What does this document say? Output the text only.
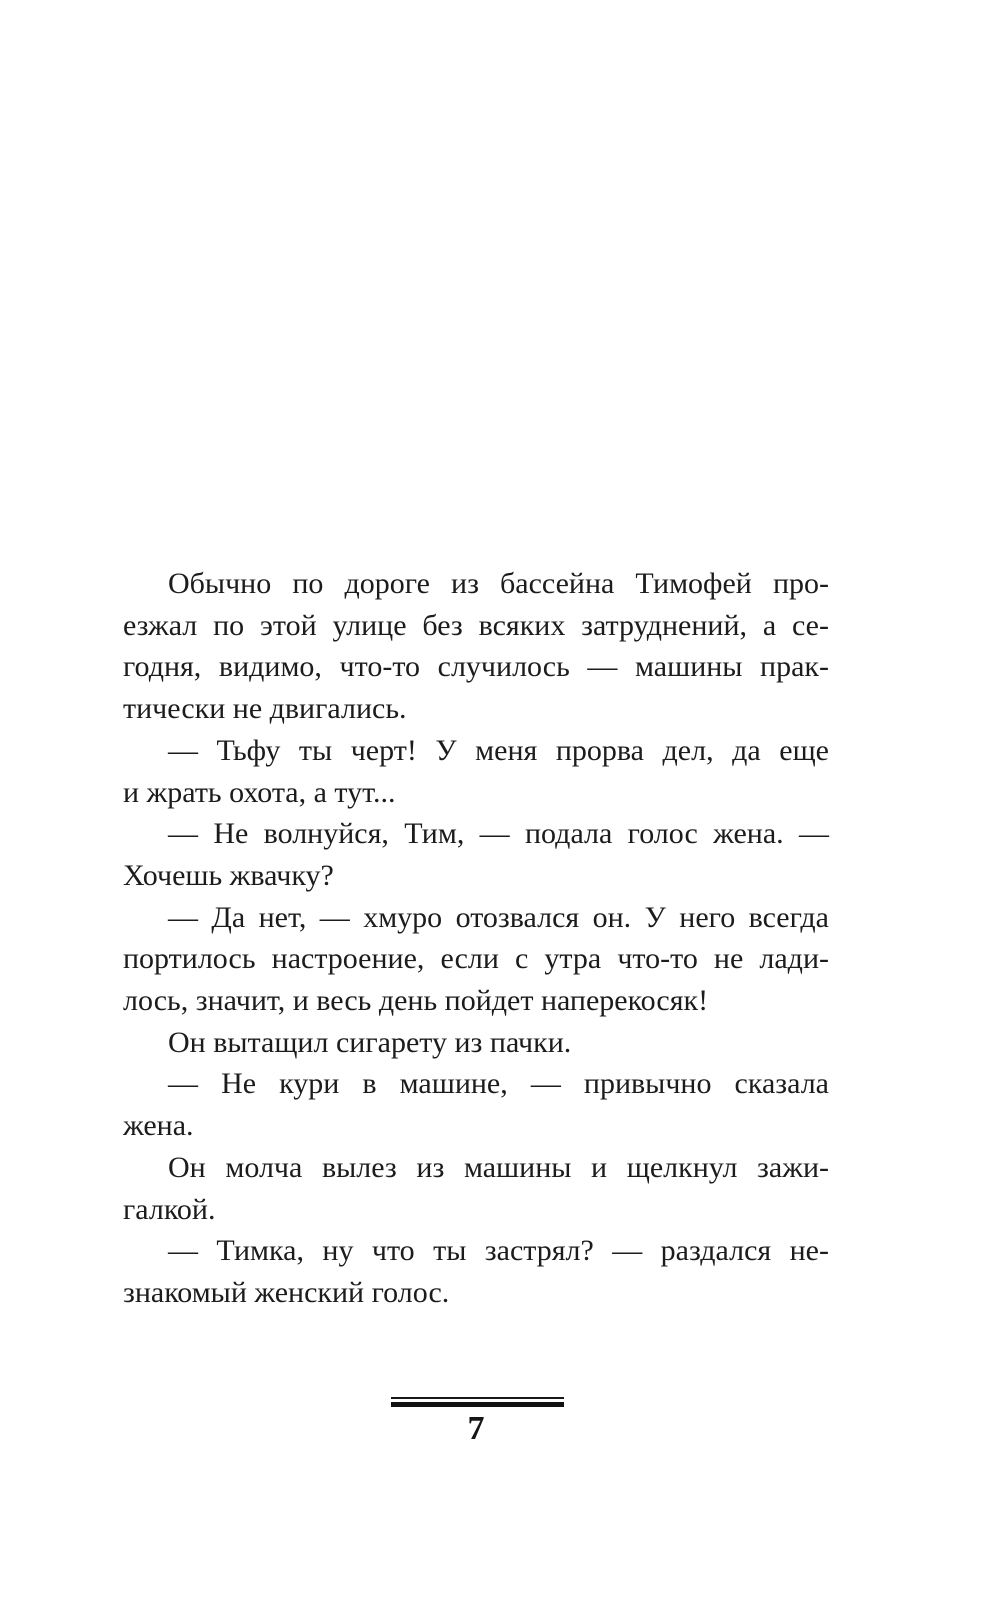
Обычно по дороге из бассейна Тимофей про-
езжал по этой улице без всяких затруднений, а се-
годня, видимо, что-то случилось — машины прак-
тически не двигались.
— Тьфу ты черт! У меня прорва дел, да еще
и жрать охота, а тут...
— Не волнуйся, Тим, — подала голос жена. —
Хочешь жвачку?
— Да нет, — хмуро отозвался он. У него всегда
портилось настроение, если с утра что-то не лади-
лось, значит, и весь день пойдет наперекосяк!
Он вытащил сигарету из пачки.
— Не кури в машине, — привычно сказала
жена.
Он молча вылез из машины и щелкнул зажи-
галкой.
— Тимка, ну что ты застрял? — раздался не-
знакомый женский голос.
7
